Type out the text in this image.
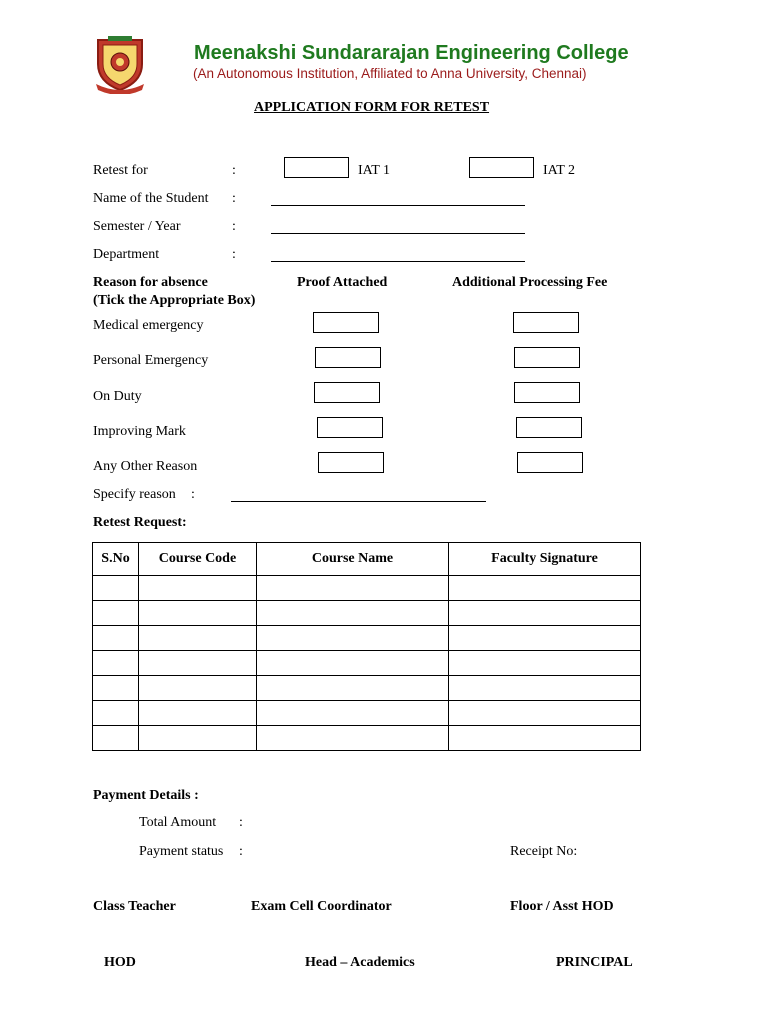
Meenakshi Sundararajan Engineering College
(An Autonomous Institution, Affiliated to Anna University, Chennai)
APPLICATION FORM FOR RETEST
Retest for	:	IAT 1	IAT 2
Name of the Student :
Semester / Year	:
Department	:
Reason for absence
(Tick the Appropriate Box)
Proof Attached	Additional Processing Fee
Medical emergency
Personal Emergency
On Duty
Improving Mark
Any Other Reason
Specify reason :
Retest Request:
S.No	Course Code	Course Name	Faculty Signature

Payment Details :
Total Amount :
Payment status :	Receipt No:
Class Teacher	Exam Cell Coordinator	Floor / Asst HOD
HOD	Head – Academics	PRINCIPAL
